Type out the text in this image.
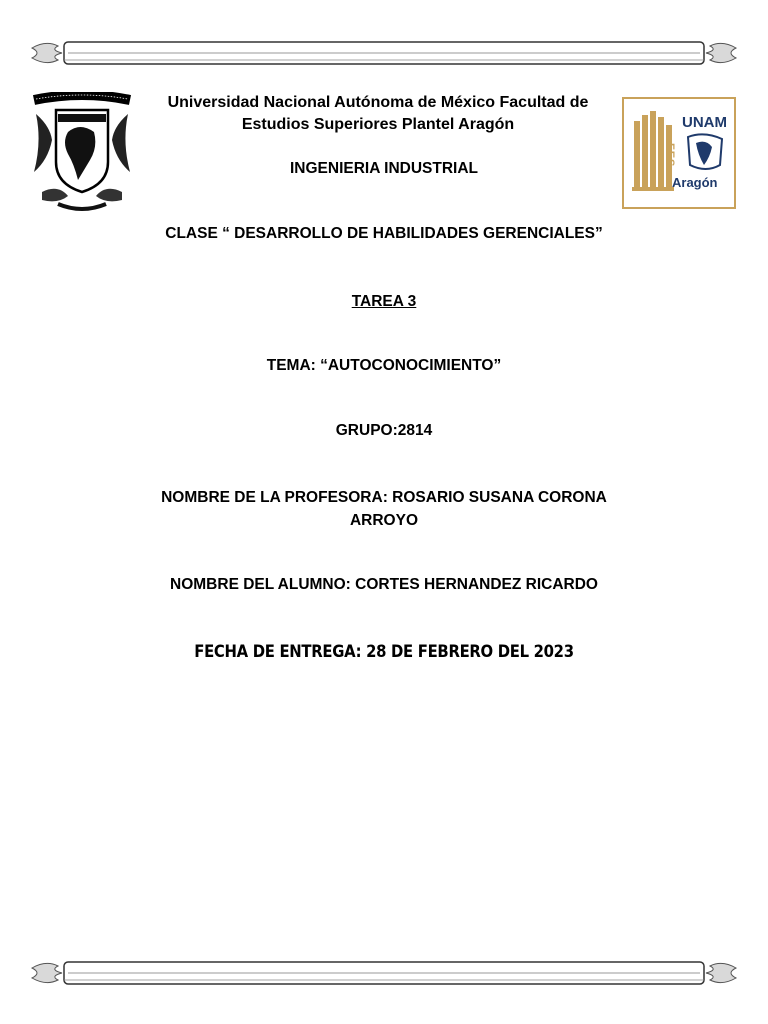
Universidad Nacional Autónoma de México Facultad de Estudios Superiores Plantel Aragón
INGENIERIA INDUSTRIAL
UNAM
Aragón
FES
CLASE “ DESARROLLO DE HABILIDADES GERENCIALES”
TAREA 3
TEMA: “AUTOCONOCIMIENTO”
GRUPO:2814
NOMBRE DE LA PROFESORA: ROSARIO SUSANA CORONA
ARROYO
NOMBRE DEL ALUMNO: CORTES HERNANDEZ RICARDO
FECHA DE ENTREGA: 28 DE FEBRERO DEL 2023
